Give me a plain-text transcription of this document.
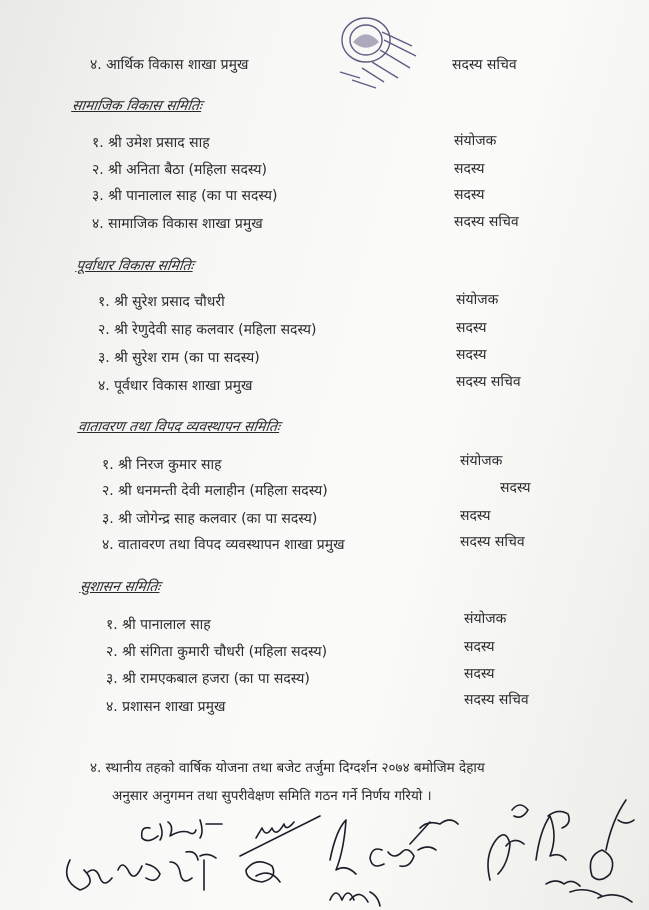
४. आर्थिक विकास शाखा प्रमुख	सदस्य सचिव
सामाजिक विकास समितिः
१. श्री उमेश प्रसाद साह	संयोजक
२. श्री अनिता बैठा (महिला सदस्य)	सदस्य
३. श्री पानालाल साह (का पा सदस्य)	सदस्य
४. सामाजिक विकास शाखा प्रमुख	सदस्य सचिव
पूर्वाधार विकास समितिः
१. श्री सुरेश प्रसाद चौधरी	संयोजक
२. श्री रेणुदेवी साह कलवार (महिला सदस्य)	सदस्य
३. श्री सुरेश राम (का पा सदस्य)	सदस्य
४. पूर्वधार विकास शाखा प्रमुख	सदस्य सचिव
वातावरण तथा विपद व्यवस्थापन समितिः
१. श्री निरज कुमार साह	संयोजक
२. श्री धनमन्ती देवी मलाहीन (महिला सदस्य)	सदस्य
३. श्री जोगेन्द्र साह कलवार (का पा सदस्य)	सदस्य
४. वातावरण तथा विपद व्यवस्थापन शाखा प्रमुख	सदस्य सचिव
सुशासन समितिः
१. श्री पानालाल साह	संयोजक
२. श्री संगिता कुमारी चौधरी (महिला सदस्य)	सदस्य
३. श्री रामएकबाल हजरा (का पा सदस्य)	सदस्य
४. प्रशासन शाखा प्रमुख	सदस्य सचिव
४. स्थानीय तहको वार्षिक योजना तथा बजेट तर्जुमा दिग्दर्शन २०७४ बमोजिम देहाय
अनुसार अनुगमन तथा सुपरीवेक्षण समिति गठन गर्ने निर्णय गरियो ।
